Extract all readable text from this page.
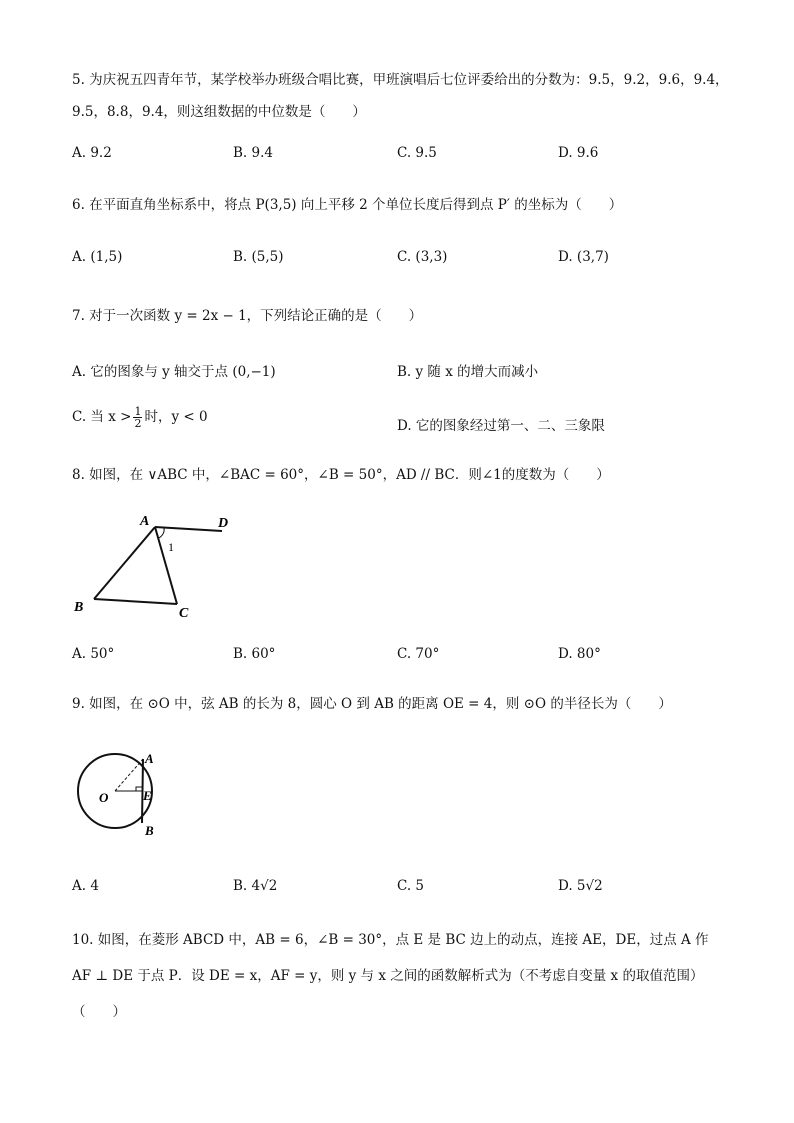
5. 为庆祝五四青年节，某学校举办班级合唱比赛，甲班演唱后七位评委给出的分数为：9.5，9.2，9.6，9.4，
9.5，8.8，9.4，则这组数据的中位数是（　　）
A. 9.2	B. 9.4	C. 9.5	D. 9.6
6. 在平面直角坐标系中，将点 P(3,5) 向上平移 2 个单位长度后得到点 P′ 的坐标为（　　）
A. (1,5)	B. (5,5)	C. (3,3)	D. (3,7)
7. 对于一次函数 y = 2x − 1，下列结论正确的是（　　）
A. 它的图象与 y 轴交于点 (0,−1)	B. y 随 x 的增大而减小
C. 当 $x > \frac{1}{2}$ 时，y < 0
D. 它的图象经过第一、二、三象限
8. 如图，在 ∨ABC 中，∠BAC = 60°，∠B = 50°，AD // BC．则∠1的度数为（　　）
A
B	C
D
1
A. 50°	B. 60°	C. 70°	D. 80°
9. 如图，在 ⊙O 中，弦 AB 的长为 8，圆心 O 到 AB 的距离 OE = 4，则 ⊙O 的半径长为（　　）
O
A
E
B
A. 4	B. 4√2	C. 5	D. 5√2
10. 如图，在菱形 ABCD 中，AB = 6，∠B = 30°，点 E 是 BC 边上的动点，连接 AE，DE，过点 A 作
AF ⊥ DE 于点 P．设 DE = x，AF = y，则 y 与 x 之间的函数解析式为（不考虑自变量 x 的取值范围）
（　　）
